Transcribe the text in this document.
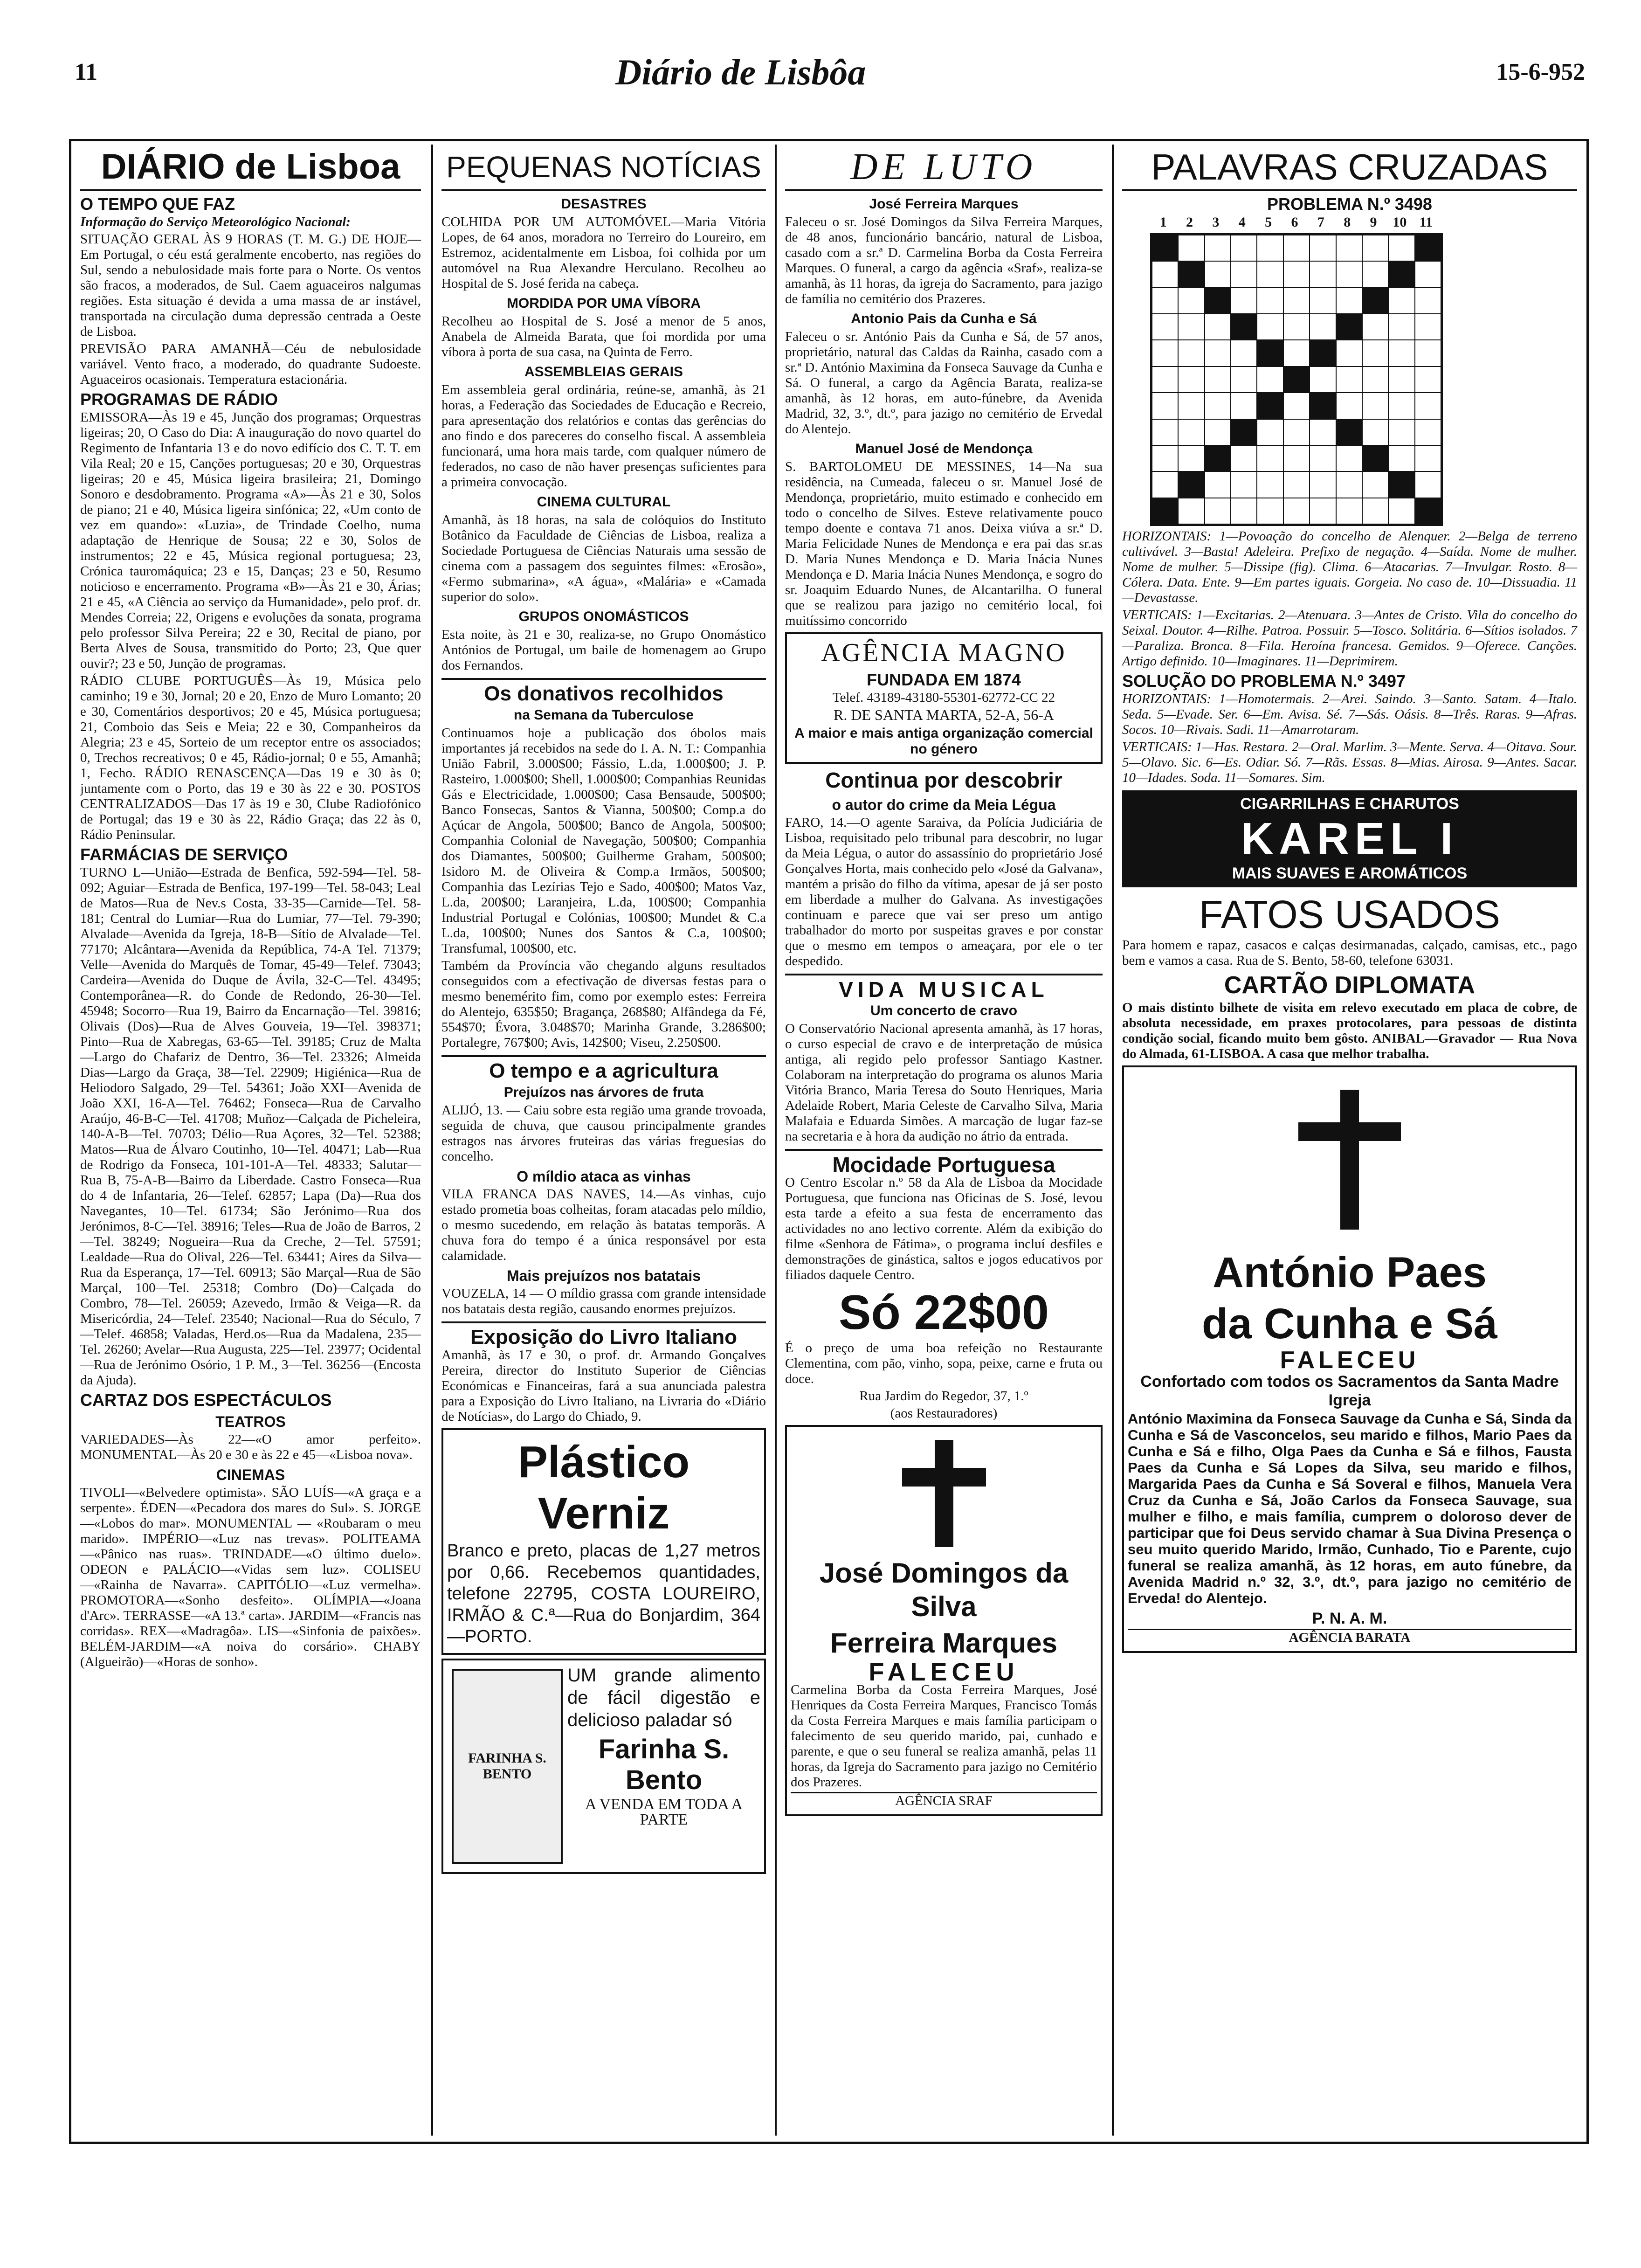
11	Diário de Lisbôa	15-6-952
DIÁRIO de Lisboa
O TEMPO QUE FAZ
Informação do Serviço Meteorológico Nacional:
SITUAÇÃO GERAL ÀS 9 HORAS (T. M. G.) DE HOJE—Em Portugal, o céu está geralmente encoberto, nas regiões do Sul, sendo a nebulosidade mais forte para o Norte. Os ventos são fracos, a moderados, de Sul. Caem aguaceiros nalgumas regiões. Esta situação é devida a uma massa de ar instável, transportada na circulação duma depressão centrada a Oeste de Lisboa.
PREVISÃO PARA AMANHÃ—Céu de nebulosidade variável. Vento fraco, a moderado, do quadrante Sudoeste. Aguaceiros ocasionais. Temperatura estacionária.
PROGRAMAS DE RÁDIO
EMISSORA—Às 19 e 45, Junção dos programas; Orquestras ligeiras; 20, O Caso do Dia: A inauguração do novo quartel do Regimento de Infantaria 13 e do novo edifício dos C. T. T. em Vila Real; 20 e 15, Canções portuguesas; 20 e 30, Orquestras ligeiras; 20 e 45, Música ligeira brasileira; 21, Domingo Sonoro e desdobramento. Programa «A»—Às 21 e 30, Solos de piano; 21 e 40, Música ligeira sinfónica; 22, «Um conto de vez em quando»: «Luzia», de Trindade Coelho, numa adaptação de Henrique de Sousa; 22 e 30, Solos de instrumentos; 22 e 45, Música regional portuguesa; 23, Crónica tauromáquica; 23 e 15, Danças; 23 e 50, Resumo noticioso e encerramento. Programa «B»—Às 21 e 30, Árias; 21 e 45, «A Ciência ao serviço da Humanidade», pelo prof. dr. Mendes Correia; 22, Origens e evoluções da sonata, programa pelo professor Silva Pereira; 22 e 30, Recital de piano, por Berta Alves de Sousa, transmitido do Porto; 23, Que quer ouvir?; 23 e 50, Junção de programas.
RÁDIO CLUBE PORTUGUÊS—Às 19, Música pelo caminho; 19 e 30, Jornal; 20 e 20, Enzo de Muro Lomanto; 20 e 30, Comentários desportivos; 20 e 45, Música portuguesa; 21, Comboio das Seis e Meia; 22 e 30, Companheiros da Alegria; 23 e 45, Sorteio de um receptor entre os associados; 0, Trechos recreativos; 0 e 45, Rádio-jornal; 0 e 55, Amanhã; 1, Fecho. RÁDIO RENASCENÇA—Das 19 e 30 às 0; juntamente com o Porto, das 19 e 30 às 22 e 30. POSTOS CENTRALIZADOS—Das 17 às 19 e 30, Clube Radiofónico de Portugal; das 19 e 30 às 22, Rádio Graça; das 22 às 0, Rádio Peninsular.
FARMÁCIAS DE SERVIÇO
TURNO L—União—Estrada de Benfica, 592-594—Tel. 58-092; Aguiar—Estrada de Benfica, 197-199—Tel. 58-043; Leal de Matos—Rua de Nev.s Costa, 33-35—Carnide—Tel. 58-181; Central do Lumiar—Rua do Lumiar, 77—Tel. 79-390; Alvalade—Avenida da Igreja, 18-B—Sítio de Alvalade—Tel. 77170; Alcântara—Avenida da República, 74-A Tel. 71379; Velle—Avenida do Marquês de Tomar, 45-49—Telef. 73043; Cardeira—Avenida do Duque de Ávila, 32-C—Tel. 43495; Contemporânea—R. do Conde de Redondo, 26-30—Tel. 45948; Socorro—Rua 19, Bairro da Encarnação—Tel. 39816; Olivais (Dos)—Rua de Alves Gouveia, 19—Tel. 398371; Pinto—Rua de Xabregas, 63-65—Tel. 39185; Cruz de Malta—Largo do Chafariz de Dentro, 36—Tel. 23326; Almeida Dias—Largo da Graça, 38—Tel. 22909; Higiénica—Rua de Heliodoro Salgado, 29—Tel. 54361; João XXI—Avenida de João XXI, 16-A—Tel. 76462; Fonseca—Rua de Carvalho Araújo, 46-B-C—Tel. 41708; Muñoz—Calçada de Picheleira, 140-A-B—Tel. 70703; Délio—Rua Açores, 32—Tel. 52388; Matos—Rua de Álvaro Coutinho, 10—Tel. 40471; Lab—Rua de Rodrigo da Fonseca, 101-101-A—Tel. 48333; Salutar—Rua B, 75-A-B—Bairro da Liberdade. Castro Fonseca—Rua do 4 de Infantaria, 26—Telef. 62857; Lapa (Da)—Rua dos Navegantes, 10—Tel. 61734; São Jerónimo—Rua dos Jerónimos, 8-C—Tel. 38916; Teles—Rua de João de Barros, 2—Tel. 38249; Nogueira—Rua da Creche, 2—Tel. 57591; Lealdade—Rua do Olival, 226—Tel. 63441; Aires da Silva—Rua da Esperança, 17—Tel. 60913; São Marçal—Rua de São Marçal, 100—Tel. 25318; Combro (Do)—Calçada do Combro, 78—Tel. 26059; Azevedo, Irmão & Veiga—R. da Misericórdia, 24—Telef. 23540; Nacional—Rua do Século, 7—Telef. 46858; Valadas, Herd.os—Rua da Madalena, 235—Tel. 26260; Avelar—Rua Augusta, 225—Tel. 23977; Ocidental—Rua de Jerónimo Osório, 1 P. M., 3—Tel. 36256—(Encosta da Ajuda).
CARTAZ DOS ESPECTÁCULOS
TEATROS
VARIEDADES—Às 22—«O amor perfeito». MONUMENTAL—Às 20 e 30 e às 22 e 45—«Lisboa nova».
CINEMAS
TIVOLI—«Belvedere optimista». SÃO LUÍS—«A graça e a serpente». ÉDEN—«Pecadora dos mares do Sul». S. JORGE—«Lobos do mar». MONUMENTAL — «Roubaram o meu marido». IMPÉRIO—«Luz nas trevas». POLITEAMA—«Pânico nas ruas». TRINDADE—«O último duelo». ODEON e PALÁCIO—«Vidas sem luz». COLISEU—«Rainha de Navarra». CAPITÓLIO—«Luz vermelha». PROMOTORA—«Sonho desfeito». OLÍMPIA—«Joana d'Arc». TERRASSE—«A 13.ª carta». JARDIM—«Francis nas corridas». REX—«Madragôa». LIS—«Sinfonia de paixões». BELÉM-JARDIM—«A noiva do corsário». CHABY (Algueirão)—«Horas de sonho».
PEQUENAS NOTÍCIAS
DESASTRES
COLHIDA POR UM AUTOMÓVEL—Maria Vitória Lopes, de 64 anos, moradora no Terreiro do Loureiro, em Estremoz, acidentalmente em Lisboa, foi colhida por um automóvel na Rua Alexandre Herculano. Recolheu ao Hospital de S. José ferida na cabeça.
MORDIDA POR UMA VÍBORA
Recolheu ao Hospital de S. José a menor de 5 anos, Anabela de Almeida Barata, que foi mordida por uma víbora à porta de sua casa, na Quinta de Ferro.
ASSEMBLEIAS GERAIS
Em assembleia geral ordinária, reúne-se, amanhã, às 21 horas, a Federação das Sociedades de Educação e Recreio, para apresentação dos relatórios e contas das gerências do ano findo e dos pareceres do conselho fiscal. A assembleia funcionará, uma hora mais tarde, com qualquer número de federados, no caso de não haver presenças suficientes para a primeira convocação.
CINEMA CULTURAL
Amanhã, às 18 horas, na sala de colóquios do Instituto Botânico da Faculdade de Ciências de Lisboa, realiza a Sociedade Portuguesa de Ciências Naturais uma sessão de cinema com a passagem dos seguintes filmes: «Erosão», «Fermo submarina», «A água», «Malária» e «Camada superior do solo».
GRUPOS ONOMÁSTICOS
Esta noite, às 21 e 30, realiza-se, no Grupo Onomástico Antónios de Portugal, um baile de homenagem ao Grupo dos Fernandos.
Os donativos recolhidos
na Semana da Tuberculose
Continuamos hoje a publicação dos óbolos mais importantes já recebidos na sede do I. A. N. T.: Companhia União Fabril, 3.000$00; Fássio, L.da, 1.000$00; J. P. Rasteiro, 1.000$00; Shell, 1.000$00; Companhias Reunidas Gás e Electricidade, 1.000$00; Casa Bensaude, 500$00; Banco Fonsecas, Santos & Vianna, 500$00; Comp.a do Açúcar de Angola, 500$00; Banco de Angola, 500$00; Companhia Colonial de Navegação, 500$00; Companhia dos Diamantes, 500$00; Guilherme Graham, 500$00; Isidoro M. de Oliveira & Comp.a Irmãos, 500$00; Companhia das Lezírias Tejo e Sado, 400$00; Matos Vaz, L.da, 200$00; Laranjeira, L.da, 100$00; Companhia Industrial Portugal e Colónias, 100$00; Mundet & C.a L.da, 100$00; Nunes dos Santos & C.a, 100$00; Transfumal, 100$00, etc.
Também da Província vão chegando alguns resultados conseguidos com a efectivação de diversas festas para o mesmo benemérito fim, como por exemplo estes: Ferreira do Alentejo, 635$50; Bragança, 268$80; Alfândega da Fé, 554$70; Évora, 3.048$70; Marinha Grande, 3.286$00; Portalegre, 767$00; Avis, 142$00; Viseu, 2.250$00.
O tempo e a agricultura
Prejuízos nas árvores de fruta
ALIJÓ, 13. — Caiu sobre esta região uma grande trovoada, seguida de chuva, que causou principalmente grandes estragos nas árvores fruteiras das várias freguesias do concelho.
O míldio ataca as vinhas
VILA FRANCA DAS NAVES, 14.—As vinhas, cujo estado prometia boas colheitas, foram atacadas pelo míldio, o mesmo sucedendo, em relação às batatas temporãs. A chuva fora do tempo é a única responsável por esta calamidade.
Mais prejuízos nos batatais
VOUZELA, 14 — O míldio grassa com grande intensidade nos batatais desta região, causando enormes prejuízos.
Exposição do Livro Italiano
Amanhã, às 17 e 30, o prof. dr. Armando Gonçalves Pereira, director do Instituto Superior de Ciências Económicas e Financeiras, fará a sua anunciada palestra para a Exposição do Livro Italiano, na Livraria do «Diário de Notícias», do Largo do Chiado, 9.
Plástico Verniz
Branco e preto, placas de 1,27 metros por 0,66. Recebemos quantidades, telefone 22795, COSTA LOUREIRO, IRMÃO & C.ª—Rua do Bonjardim, 364—PORTO.
FARINHA S. BENTO
UM grande alimento de fácil digestão e delicioso paladar só
Farinha S. Bento
A VENDA EM TODA A PARTE
DE LUTO
José Ferreira Marques
Faleceu o sr. José Domingos da Silva Ferreira Marques, de 48 anos, funcionário bancário, natural de Lisboa, casado com a sr.ª D. Carmelina Borba da Costa Ferreira Marques. O funeral, a cargo da agência «Sraf», realiza-se amanhã, às 11 horas, da igreja do Sacramento, para jazigo de família no cemitério dos Prazeres.
Antonio Pais da Cunha e Sá
Faleceu o sr. António Pais da Cunha e Sá, de 57 anos, proprietário, natural das Caldas da Rainha, casado com a sr.ª D. António Maximina da Fonseca Sauvage da Cunha e Sá. O funeral, a cargo da Agência Barata, realiza-se amanhã, às 12 horas, em auto-fúnebre, da Avenida Madrid, 32, 3.º, dt.º, para jazigo no cemitério de Ervedal do Alentejo.
Manuel José de Mendonça
S. BARTOLOMEU DE MESSINES, 14—Na sua residência, na Cumeada, faleceu o sr. Manuel José de Mendonça, proprietário, muito estimado e conhecido em todo o concelho de Silves. Esteve relativamente pouco tempo doente e contava 71 anos. Deixa viúva a sr.ª D. Maria Felicidade Nunes de Mendonça e era pai das sr.as D. Maria Nunes Mendonça e D. Maria Inácia Nunes Mendonça e D. Maria Inácia Nunes Mendonça, e sogro do sr. Joaquim Eduardo Nunes, de Alcantarilha. O funeral que se realizou para jazigo no cemitério local, foi muitíssimo concorrido
AGÊNCIA MAGNO
FUNDADA EM 1874
Telef. 43189-43180-55301-62772-CC 22
R. DE SANTA MARTA, 52-A, 56-A
A maior e mais antiga organização comercial no género
Continua por descobrir
o autor do crime da Meia Légua
FARO, 14.—O agente Saraiva, da Polícia Judiciária de Lisboa, requisitado pelo tribunal para descobrir, no lugar da Meia Légua, o autor do assassínio do proprietário José Gonçalves Horta, mais conhecido pelo «José da Galvana», mantém a prisão do filho da vítima, apesar de já ser posto em liberdade a mulher do Galvana. As investigações continuam e parece que vai ser preso um antigo trabalhador do morto por suspeitas graves e por constar que o mesmo em tempos o ameaçara, por ele o ter despedido.
VIDA MUSICAL
Um concerto de cravo
O Conservatório Nacional apresenta amanhã, às 17 horas, o curso especial de cravo e de interpretação de música antiga, ali regido pelo professor Santiago Kastner. Colaboram na interpretação do programa os alunos Maria Vitória Branco, Maria Teresa do Souto Henriques, Maria Adelaide Robert, Maria Celeste de Carvalho Silva, Maria Malafaia e Eduarda Simões. A marcação de lugar faz-se na secretaria e à hora da audição no átrio da entrada.
Mocidade Portuguesa
O Centro Escolar n.º 58 da Ala de Lisboa da Mocidade Portuguesa, que funciona nas Oficinas de S. José, levou esta tarde a efeito a sua festa de encerramento das actividades no ano lectivo corrente. Além da exibição do filme «Senhora de Fátima», o programa incluí desfiles e demonstrações de ginástica, saltos e jogos educativos por filiados daquele Centro.
Só 22$00
É o preço de uma boa refeição no Restaurante Clementina, com pão, vinho, sopa, peixe, carne e fruta ou doce.
Rua Jardim do Regedor, 37, 1.º
(aos Restauradores)
José Domingos da Silva
Ferreira Marques
FALECEU
Carmelina Borba da Costa Ferreira Marques, José Henriques da Costa Ferreira Marques, Francisco Tomás da Costa Ferreira Marques e mais família participam o falecimento de seu querido marido, pai, cunhado e parente, e que o seu funeral se realiza amanhã, pelas 11 horas, da Igreja do Sacramento para jazigo no Cemitério dos Prazeres.
AGÊNCIA SRAF
PALAVRAS CRUZADAS
PROBLEMA N.º 3498
1	2	3	4	5	6	7	8	9	10 11
HORIZONTAIS: 1—Povoação do concelho de Alenquer. 2—Belga de terreno cultivável. 3—Basta! Adeleira. Prefixo de negação. 4—Saída. Nome de mulher. Nome de mulher. 5—Dissipe (fig). Clima. 6—Atacarias. 7—Invulgar. Rosto. 8—Cólera. Data. Ente. 9—Em partes iguais. Gorgeia. No caso de. 10—Dissuadia. 11—Devastasse.
VERTICAIS: 1—Excitarias. 2—Atenuara. 3—Antes de Cristo. Vila do concelho do Seixal. Doutor. 4—Rilhe. Patroa. Possuir. 5—Tosco. Solitária. 6—Sítios isolados. 7—Paraliza. Bronca. 8—Fila. Heroína francesa. Gemidos. 9—Oferece. Canções. Artigo definido. 10—Imaginares. 11—Deprimirem.
SOLUÇÃO DO PROBLEMA N.º 3497
HORIZONTAIS: 1—Homotermais. 2—Arei. Saindo. 3—Santo. Satam. 4—Italo. Seda. 5—Evade. Ser. 6—Em. Avisa. Sé. 7—Sás. Oásis. 8—Três. Raras. 9—Afras. Socos. 10—Rivais. Sadi. 11—Amarrotaram.
VERTICAIS: 1—Has. Restara. 2—Oral. Marlim. 3—Mente. Serva. 4—Oitava. Sour. 5—Olavo. Sic. 6—Es. Odiar. Só. 7—Rãs. Essas. 8—Mias. Airosa. 9—Antes. Sacar. 10—Idades. Soda. 11—Somares. Sim.
CIGARRILHAS E CHARUTOS
KAREL I
MAIS SUAVES E AROMÁTICOS
FATOS USADOS
Para homem e rapaz, casacos e calças desirmanadas, calçado, camisas, etc., pago bem e vamos a casa. Rua de S. Bento, 58-60, telefone 63031.
CARTÃO DIPLOMATA
O mais distinto bilhete de visita em relevo executado em placa de cobre, de absoluta necessidade, em praxes protocolares, para pessoas de distinta condição social, ficando muito bem gôsto. ANIBAL—Gravador — Rua Nova do Almada, 61-LISBOA. A casa que melhor trabalha.
António Paes
da Cunha e Sá
FALECEU
Confortado com todos os Sacramentos da Santa Madre Igreja
António Maximina da Fonseca Sauvage da Cunha e Sá, Sinda da Cunha e Sá de Vasconcelos, seu marido e filhos, Mario Paes da Cunha e Sá e filho, Olga Paes da Cunha e Sá e filhos, Fausta Paes da Cunha e Sá Lopes da Silva, seu marido e filhos, Margarida Paes da Cunha e Sá Soveral e filhos, Manuela Vera Cruz da Cunha e Sá, João Carlos da Fonseca Sauvage, sua mulher e filho, e mais família, cumprem o doloroso dever de participar que foi Deus servido chamar à Sua Divina Presença o seu muito querido Marido, Irmão, Cunhado, Tio e Parente, cujo funeral se realiza amanhã, às 12 horas, em auto fúnebre, da Avenida Madrid n.º 32, 3.º, dt.º, para jazigo no cemitério de Erveda! do Alentejo.
P. N. A. M.
AGÊNCIA BARATA
